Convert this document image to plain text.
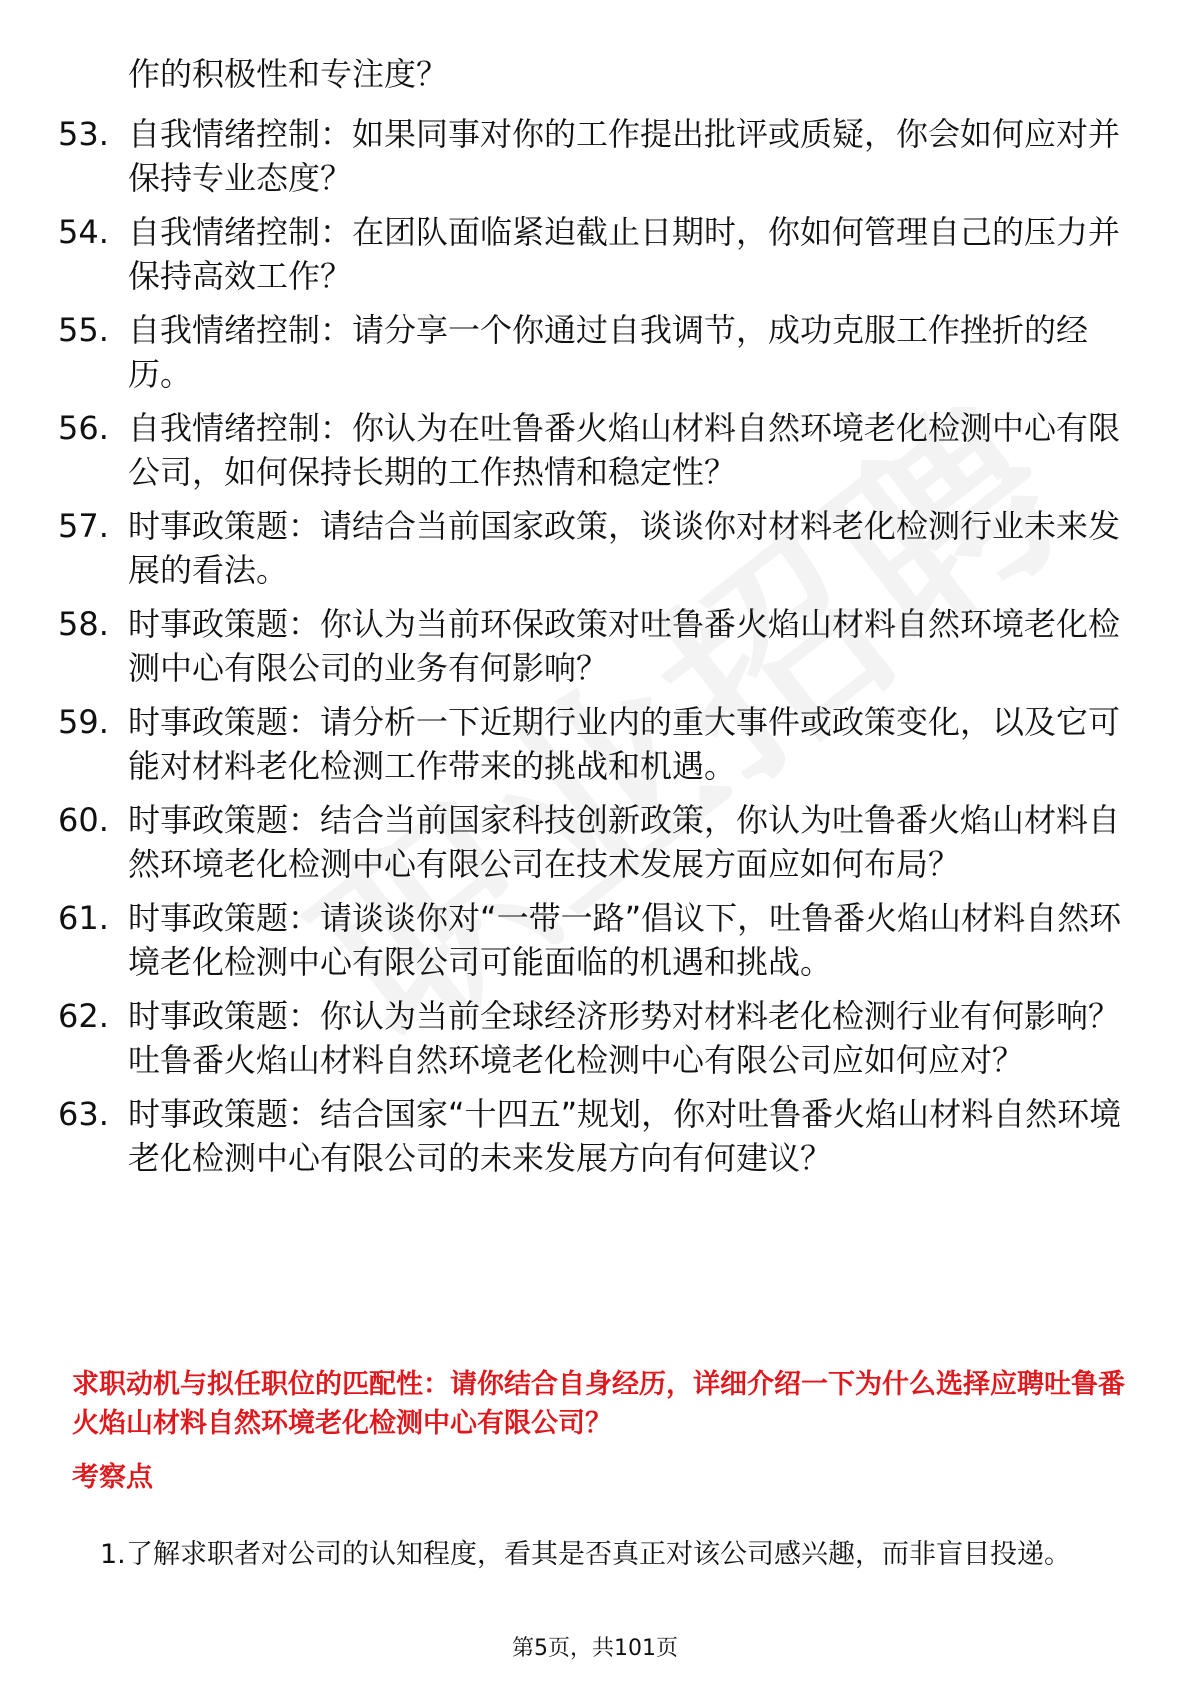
作的积极性和专注度？
53. 自我情绪控制：如果同事对你的工作提出批评或质疑，你会如何应对并保持专业态度？
54. 自我情绪控制：在团队面临紧迫截止日期时，你如何管理自己的压力并保持高效工作？
55. 自我情绪控制：请分享一个你通过自我调节，成功克服工作挫折的经历。
56. 自我情绪控制：你认为在吐鲁番火焰山材料自然环境老化检测中心有限公司，如何保持长期的工作热情和稳定性？
57. 时事政策题：请结合当前国家政策，谈谈你对材料老化检测行业未来发展的看法。
58. 时事政策题：你认为当前环保政策对吐鲁番火焰山材料自然环境老化检测中心有限公司的业务有何影响？
59. 时事政策题：请分析一下近期行业内的重大事件或政策变化，以及它可能对材料老化检测工作带来的挑战和机遇。
60. 时事政策题：结合当前国家科技创新政策，你认为吐鲁番火焰山材料自然环境老化检测中心有限公司在技术发展方面应如何布局？
61. 时事政策题：请谈谈你对“一带一路”倡议下，吐鲁番火焰山材料自然环境老化检测中心有限公司可能面临的机遇和挑战。
62. 时事政策题：你认为当前全球经济形势对材料老化检测行业有何影响？吐鲁番火焰山材料自然环境老化检测中心有限公司应如何应对？
63. 时事政策题：结合国家“十四五”规划，你对吐鲁番火焰山材料自然环境老化检测中心有限公司的未来发展方向有何建议？
求职动机与拟任职位的匹配性：请你结合自身经历，详细介绍一下为什么选择应聘吐鲁番火焰山材料自然环境老化检测中心有限公司？
考察点
1. 了解求职者对公司的认知程度，看其是否真正对该公司感兴趣，而非盲目投递。
第5页，共101页
